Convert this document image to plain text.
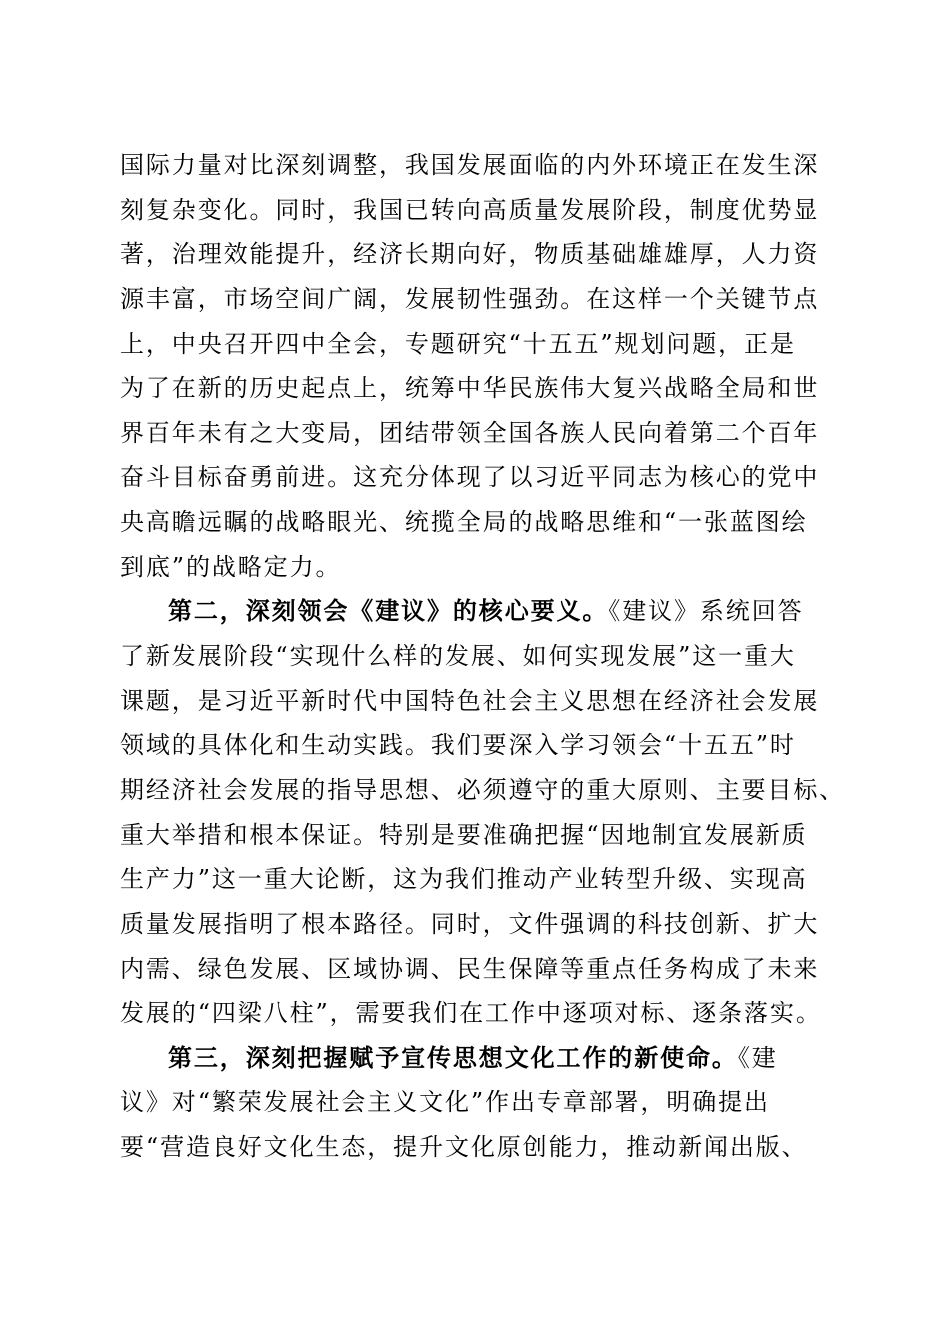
国际力量对比深刻调整，我国发展面临的内外环境正在发生深
刻复杂变化。同时，我国已转向高质量发展阶段，制度优势显
著，治理效能提升，经济长期向好，物质基础雄雄厚，人力资
源丰富，市场空间广阔，发展韧性强劲。在这样一个关键节点
上，中央召开四中全会，专题研究“十五五”规划问题，正是
为了在新的历史起点上，统筹中华民族伟大复兴战略全局和世
界百年未有之大变局，团结带领全国各族人民向着第二个百年
奋斗目标奋勇前进。这充分体现了以习近平同志为核心的党中
央高瞻远瞩的战略眼光、统揽全局的战略思维和“一张蓝图绘
到底”的战略定力。
第二，深刻领会《建议》的核心要义。《建议》系统回答
了新发展阶段“实现什么样的发展、如何实现发展”这一重大
课题，是习近平新时代中国特色社会主义思想在经济社会发展
领域的具体化和生动实践。我们要深入学习领会“十五五”时
期经济社会发展的指导思想、必须遵守的重大原则、主要目标、
重大举措和根本保证。特别是要准确把握“因地制宜发展新质
生产力”这一重大论断，这为我们推动产业转型升级、实现高
质量发展指明了根本路径。同时，文件强调的科技创新、扩大
内需、绿色发展、区域协调、民生保障等重点任务构成了未来
发展的“四梁八柱”，需要我们在工作中逐项对标、逐条落实。
第三，深刻把握赋予宣传思想文化工作的新使命。《建
议》对“繁荣发展社会主义文化”作出专章部署，明确提出
要“营造良好文化生态，提升文化原创能力，推动新闻出版、
